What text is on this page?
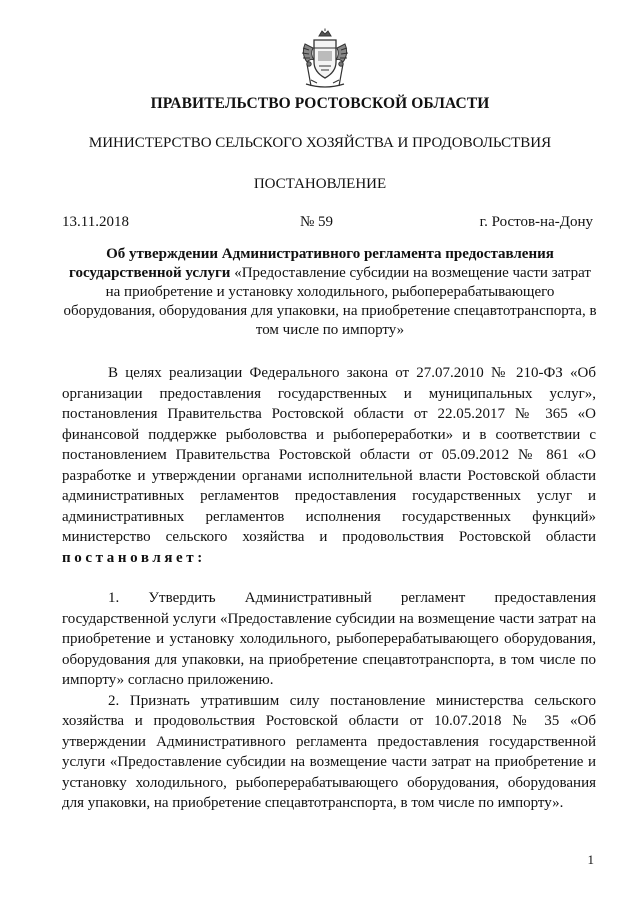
ПРАВИТЕЛЬСТВО РОСТОВСКОЙ ОБЛАСТИ
МИНИСТЕРСТВО СЕЛЬСКОГО ХОЗЯЙСТВА И ПРОДОВОЛЬСТВИЯ
ПОСТАНОВЛЕНИЕ
13.11.2018	№ 59	г. Ростов-на-Дону
Об утверждении Административного регламента предоставления государственной услуги «Предоставление субсидии на возмещение части затрат на приобретение и установку холодильного, рыбоперерабатывающего оборудования, оборудования для упаковки, на приобретение спецавтотранспорта, в том числе по импорту»

В целях реализации Федерального закона от 27.07.2010 № 210-ФЗ «Об организации предоставления государственных и муниципальных услуг», постановления Правительства Ростовской области от 22.05.2017 № 365 «О финансовой поддержке рыболовства и рыбопереработки» и в соответствии с постановлением Правительства Ростовской области от 05.09.2012 № 861 «О разработке и утверждении органами исполнительной власти Ростовской области административных регламентов предоставления государственных услуг и административных регламентов исполнения государственных функций» министерство сельского хозяйства и продовольствия Ростовской области постановляет:

1. Утвердить Административный регламент предоставления государственной услуги «Предоставление субсидии на возмещение части затрат на приобретение и установку холодильного, рыбоперерабатывающего оборудования, оборудования для упаковки, на приобретение спецавтотранспорта, в том числе по импорту» согласно приложению.

2. Признать утратившим силу постановление министерства сельского хозяйства и продовольствия Ростовской области от 10.07.2018 № 35 «Об утверждении Административного регламента предоставления государственной услуги «Предоставление субсидии на возмещение части затрат на приобретение и установку холодильного, рыбоперерабатывающего оборудования, оборудования для упаковки, на приобретение спецавтотранспорта, в том числе по импорту».

1
